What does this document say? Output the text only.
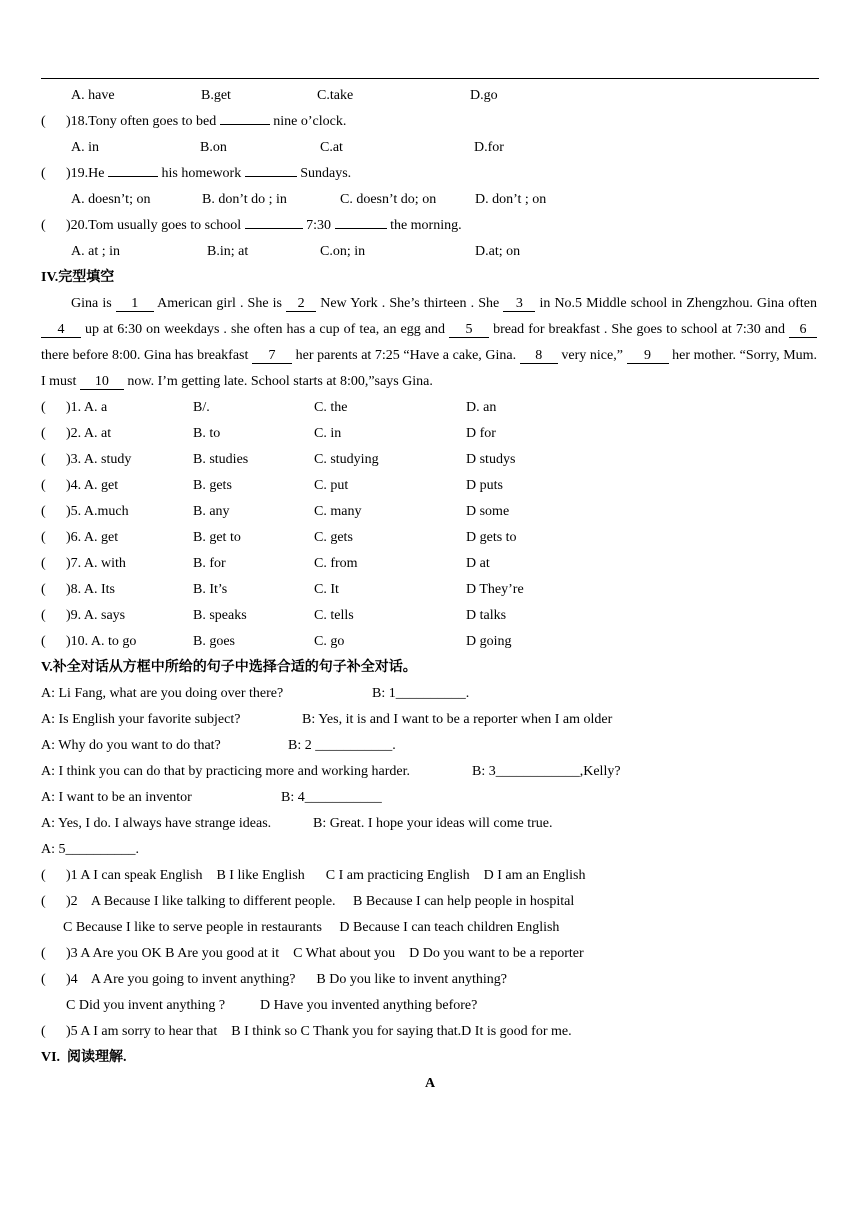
A. have	B.get	C.take	D.go
( )18.Tony often goes to bed	nine o’clock.
A. in	B.on	C.at	D.for
( )19.He	his homework	Sundays.
A. doesn’t; on	B. don’t do ; in	C. doesn’t do; on	D. don’t ; on
( )20.Tom usually goes to school	7:30	the morning.
A. at ; in	B.in; at	C.on; in	D.at; on
IV.完型填空
Gina is 1 American girl . She is 2 New York . She’s thirteen . She 3 in No.5 Middle school in Zhengzhou. Gina often 4 up at 6:30 on weekdays . she often has a cup of tea, an egg and 5 bread for breakfast . She goes to school at 7:30 and 6there before 8:00. Gina has breakfast 7 her parents at 7:25 “Have a cake, Gina. 8 very nice,” 9 her mother. “Sorry, Mum. I must 10 now. I’m getting late. School starts at 8:00,”says Gina.
( )1. A. a	B/.	C. the	D. an
( )2. A. at	B. to	C. in	D for
( )3. A. study	B. studies	C. studying	D studys
( )4. A. get	B. gets	C. put	D puts
( )5. A.much	B. any	C. many	D some
( )6. A. get	B. get to	C. gets	D gets to
( )7. A. with	B. for	C. from	D at
( )8. A. Its	B. It’s	C. It	D They’re
( )9. A. says	B. speaks	C. tells	D talks
( )10. A. to go	B. goes	C. go	D going
V.补全对话从方框中所给的句子中选择合适的句子补全对话。
A: Li Fang, what are you doing over there?	B: 1__________.
A: Is English your favorite subject?	B: Yes, it is and I want to be a reporter when I am older
A: Why do you want to do that?	B: 2 ___________.
A: I think you can do that by practicing more and working harder.	B: 3____________,Kelly?
A: I want to be an inventor	B: 4___________
A: Yes, I do. I always have strange ideas.	B: Great. I hope your ideas will come true.
A: 5__________.
( )1 A I can speak English    B I like English      C I am practicing English    D I am an English
( )2    A Because I like talking to different people.     B Because I can help people in hospital
C Because I like to serve people in restaurants     D Because I can teach children English
( )3 A Are you OK B Are you good at it    C What about you    D Do you want to be a reporter
( )4    A Are you going to invent anything?      B Do you like to invent anything?
C Did you invent anything ?          D Have you invented anything before?
( )5 A I am sorry to hear that    B I think so C Thank you for saying that.D It is good for me.
VI.  阅读理解.
A
